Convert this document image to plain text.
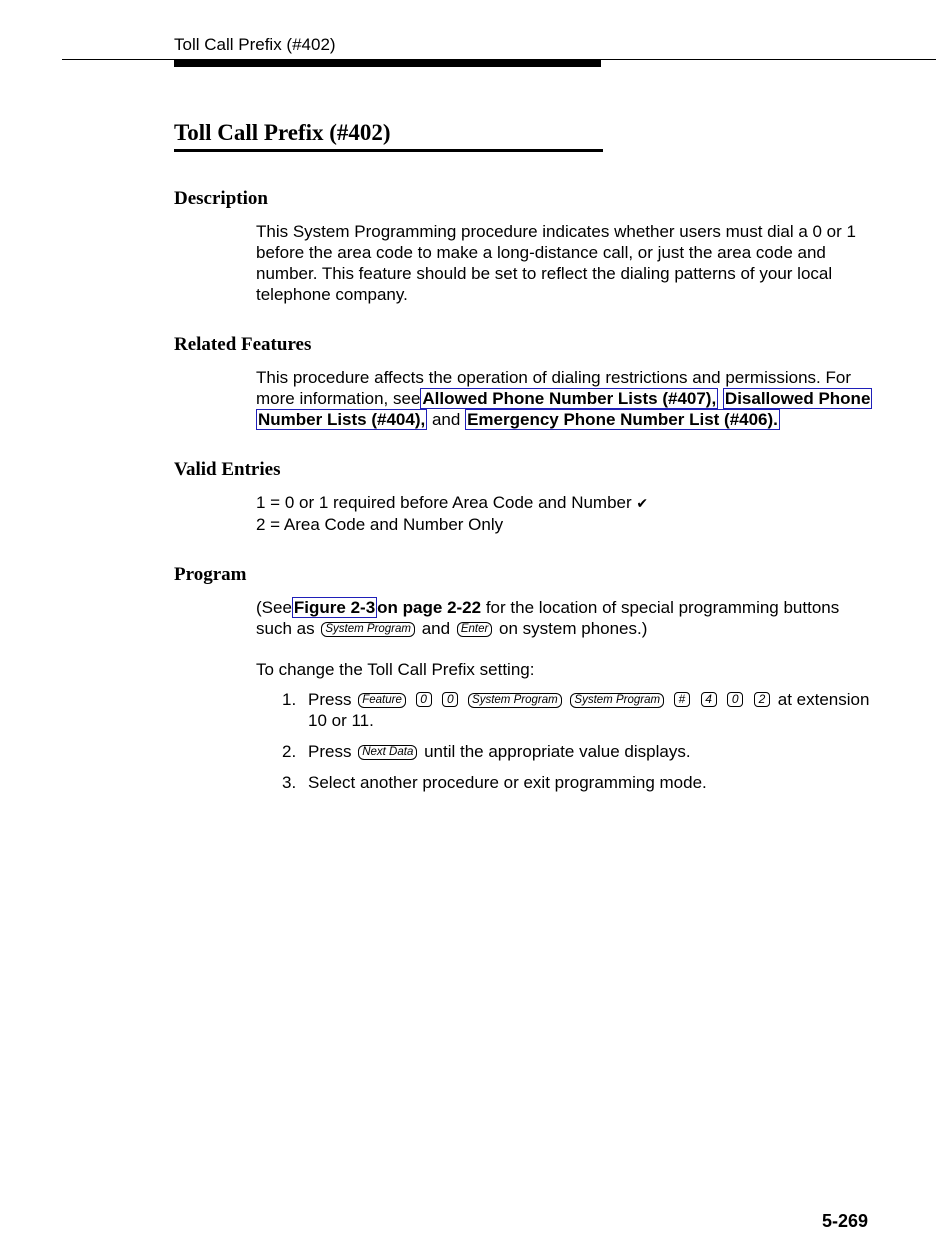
Toll Call Prefix (#402)
Toll Call Prefix (#402)
Description

This System Programming procedure indicates whether users must dial a 0 or 1 before the area code to make a long-distance call, or just the area code and number. This feature should be set to reflect the dialing patterns of your local telephone company.

Related Features

This procedure affects the operation of dialing restrictions and permissions. For more information, see Allowed Phone Number Lists (#407), Disallowed Phone Number Lists (#404), and Emergency Phone Number List (#406).

Valid Entries

1 = 0 or 1 required before Area Code and Number ✔

2 = Area Code and Number Only

Program

(See Figure 2-3 on page 2-22 for the location of special programming buttons such as System Program and Enter on system phones.)

To change the Toll Call Prefix setting:

1. Press Feature 0 0 System Program System Program # 4 0 2 at extension 10 or 11.
2. Press Next Data until the appropriate value displays.
3. Select another procedure or exit programming mode.
5-269
